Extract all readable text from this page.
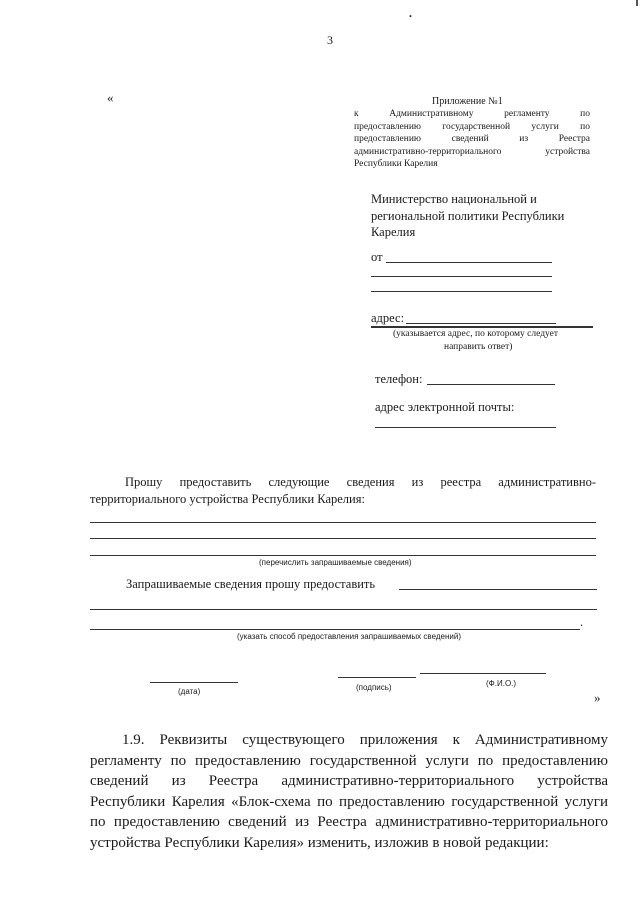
.
3
«	Приложение №1
к Административному регламенту по
предоставлению государственной услуги по
предоставлению сведений из Реестра
административно-территориального устройства
Республики Карелия
Министерство национальной и
региональной политики Республики
Карелия
от
адрес:
(указывается адрес, по которому следует
направить ответ)
телефон:
адрес электронной почты:
Прошу предоставить следующие сведения из реестра административно-
территориального устройства Республики Карелия:
(перечислить запрашиваемые сведения)
Запрашиваемые сведения прошу предоставить
.
(указать способ предоставления запрашиваемых сведений)
(дата)	(подпись)	(Ф.И.О.)
»
1.9. Реквизиты существующего приложения к Административному
регламенту по предоставлению государственной услуги по предоставлению
сведений из Реестра административно-территориального устройства
Республики Карелия «Блок-схема по предоставлению государственной услуги
по предоставлению сведений из Реестра административно-территориального
устройства Республики Карелия» изменить, изложив в новой редакции:
